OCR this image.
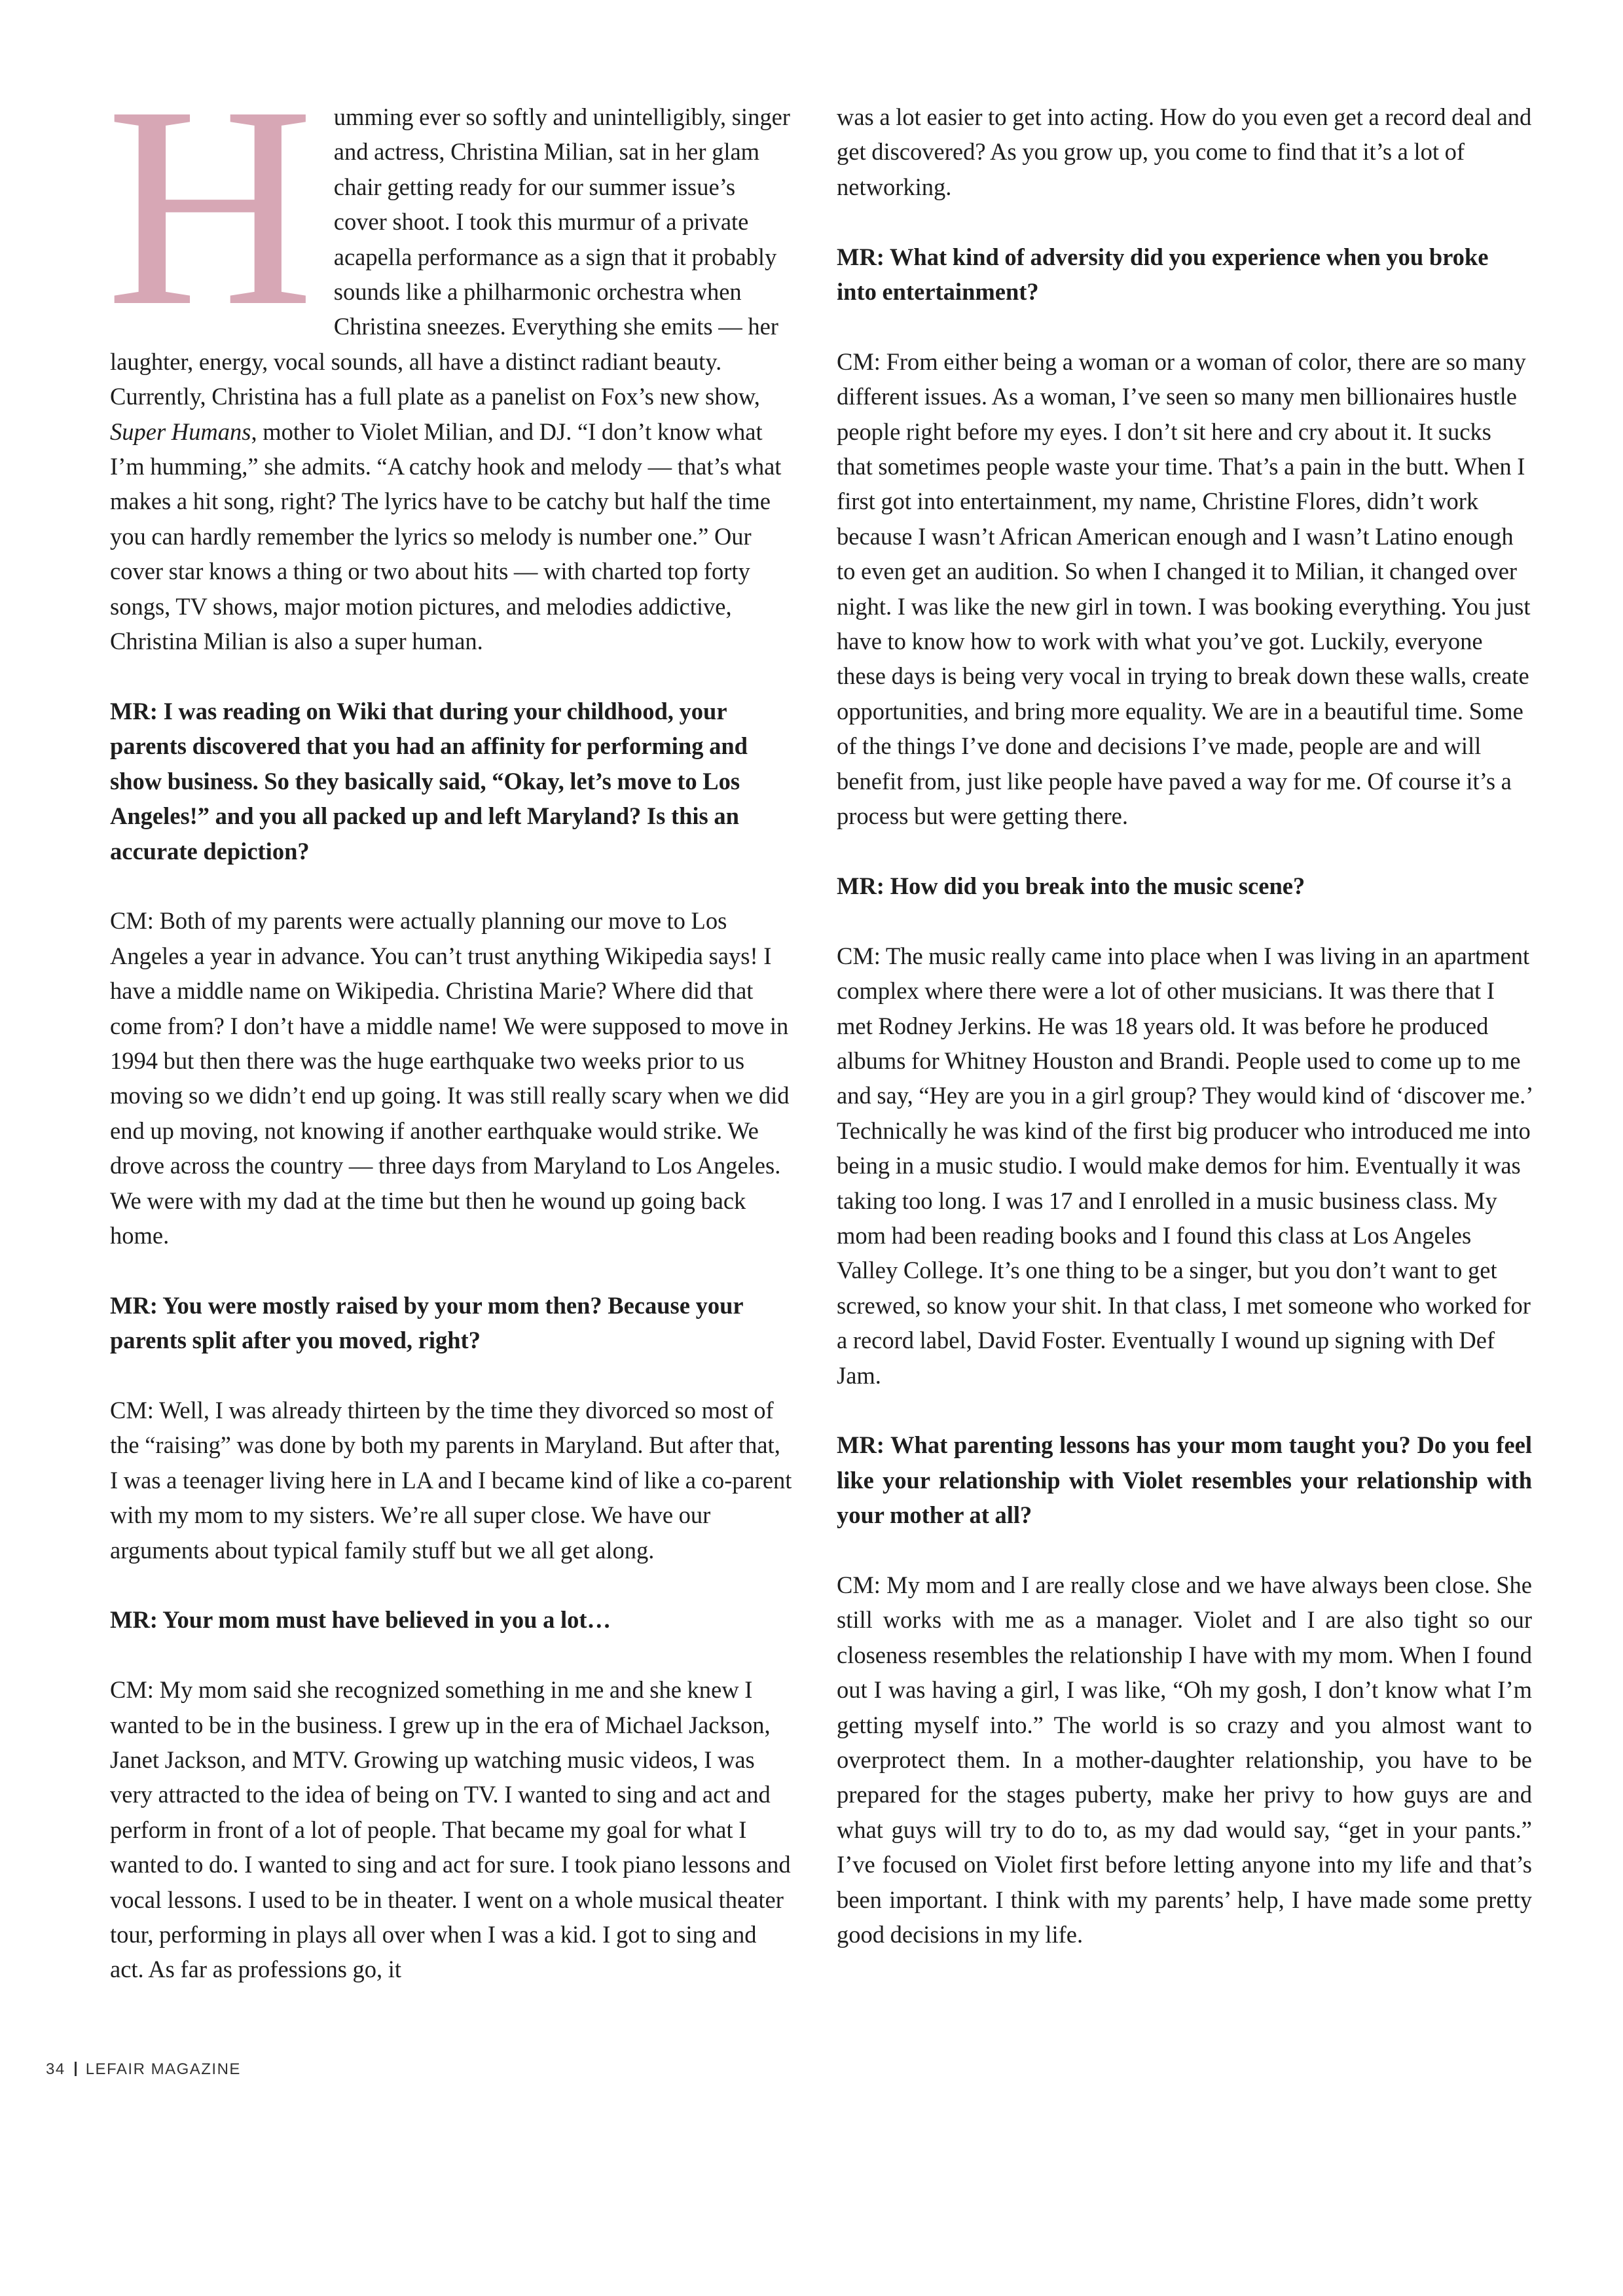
Humming ever so softly and unintelligibly, singer and actress, Christina Milian, sat in her glam chair getting ready for our summer issue’s cover shoot. I took this murmur of a private acapella performance as a sign that it probably sounds like a philharmonic orchestra when Christina sneezes. Everything she emits — her laughter, energy, vocal sounds, all have a distinct radiant beauty. Currently, Christina has a full plate as a panelist on Fox’s new show, Super Humans, mother to Violet Milian, and DJ. “I don’t know what I’m humming,” she admits. “A catchy hook and melody — that’s what makes a hit song, right? The lyrics have to be catchy but half the time you can hardly remember the lyrics so melody is number one.” Our cover star knows a thing or two about hits — with charted top forty songs, TV shows, major motion pictures, and melodies addictive, Christina Milian is also a super human.

MR: I was reading on Wiki that during your childhood, your parents discovered that you had an affinity for performing and show business. So they basically said, “Okay, let’s move to Los Angeles!” and you all packed up and left Maryland? Is this an accurate depiction?

CM: Both of my parents were actually planning our move to Los Angeles a year in advance. You can’t trust anything Wikipedia says! I have a middle name on Wikipedia. Christina Marie? Where did that come from? I don’t have a middle name! We were supposed to move in 1994 but then there was the huge earthquake two weeks prior to us moving so we didn’t end up going. It was still really scary when we did end up moving, not knowing if another earthquake would strike. We drove across the country — three days from Maryland to Los Angeles. We were with my dad at the time but then he wound up going back home.

MR: You were mostly raised by your mom then? Because your parents split after you moved, right?

CM: Well, I was already thirteen by the time they divorced so most of the “raising” was done by both my parents in Maryland. But after that, I was a teenager living here in LA and I became kind of like a co-parent with my mom to my sisters. We’re all super close. We have our arguments about typical family stuff but we all get along.

MR: Your mom must have believed in you a lot…

CM: My mom said she recognized something in me and she knew I wanted to be in the business. I grew up in the era of Michael Jackson, Janet Jackson, and MTV. Growing up watching music videos, I was very attracted to the idea of being on TV. I wanted to sing and act and perform in front of a lot of people. That became my goal for what I wanted to do. I wanted to sing and act for sure. I took piano lessons and vocal lessons. I used to be in theater. I went on a whole musical theater tour, performing in plays all over when I was a kid. I got to sing and act. As far as professions go, it

was a lot easier to get into acting. How do you even get a record deal and get discovered? As you grow up, you come to find that it’s a lot of networking.

MR: What kind of adversity did you experience when you broke into entertainment?

CM: From either being a woman or a woman of color, there are so many different issues. As a woman, I’ve seen so many men billionaires hustle people right before my eyes. I don’t sit here and cry about it. It sucks that sometimes people waste your time. That’s a pain in the butt. When I first got into entertainment, my name, Christine Flores, didn’t work because I wasn’t African American enough and I wasn’t Latino enough to even get an audition. So when I changed it to Milian, it changed over night. I was like the new girl in town. I was booking everything. You just have to know how to work with what you’ve got. Luckily, everyone these days is being very vocal in trying to break down these walls, create opportunities, and bring more equality. We are in a beautiful time. Some of the things I’ve done and decisions I’ve made, people are and will benefit from, just like people have paved a way for me. Of course it’s a process but were getting there.

MR: How did you break into the music scene?

CM: The music really came into place when I was living in an apartment complex where there were a lot of other musicians. It was there that I met Rodney Jerkins. He was 18 years old. It was before he produced albums for Whitney Houston and Brandi. People used to come up to me and say, “Hey are you in a girl group? They would kind of ‘discover me.’ Technically he was kind of the first big producer who introduced me into being in a music studio. I would make demos for him. Eventually it was taking too long. I was 17 and I enrolled in a music business class. My mom had been reading books and I found this class at Los Angeles Valley College. It’s one thing to be a singer, but you don’t want to get screwed, so know your shit. In that class, I met someone who worked for a record label, David Foster. Eventually I wound up signing with Def Jam.

MR: What parenting lessons has your mom taught you? Do you feel like your relationship with Violet resembles your relationship with your mother at all?

CM: My mom and I are really close and we have always been close. She still works with me as a manager. Violet and I are also tight so our closeness resembles the relationship I have with my mom. When I found out I was having a girl, I was like, “Oh my gosh, I don’t know what I’m getting myself into.” The world is so crazy and you almost want to overprotect them. In a mother-daughter relationship, you have to be prepared for the stages puberty, make her privy to how guys are and what guys will try to do to, as my dad would say, “get in your pants.” I’ve focused on Violet first before letting anyone into my life and that’s been important. I think with my parents’ help, I have made some pretty good decisions in my life.

34 LEFAIR MAGAZINE
